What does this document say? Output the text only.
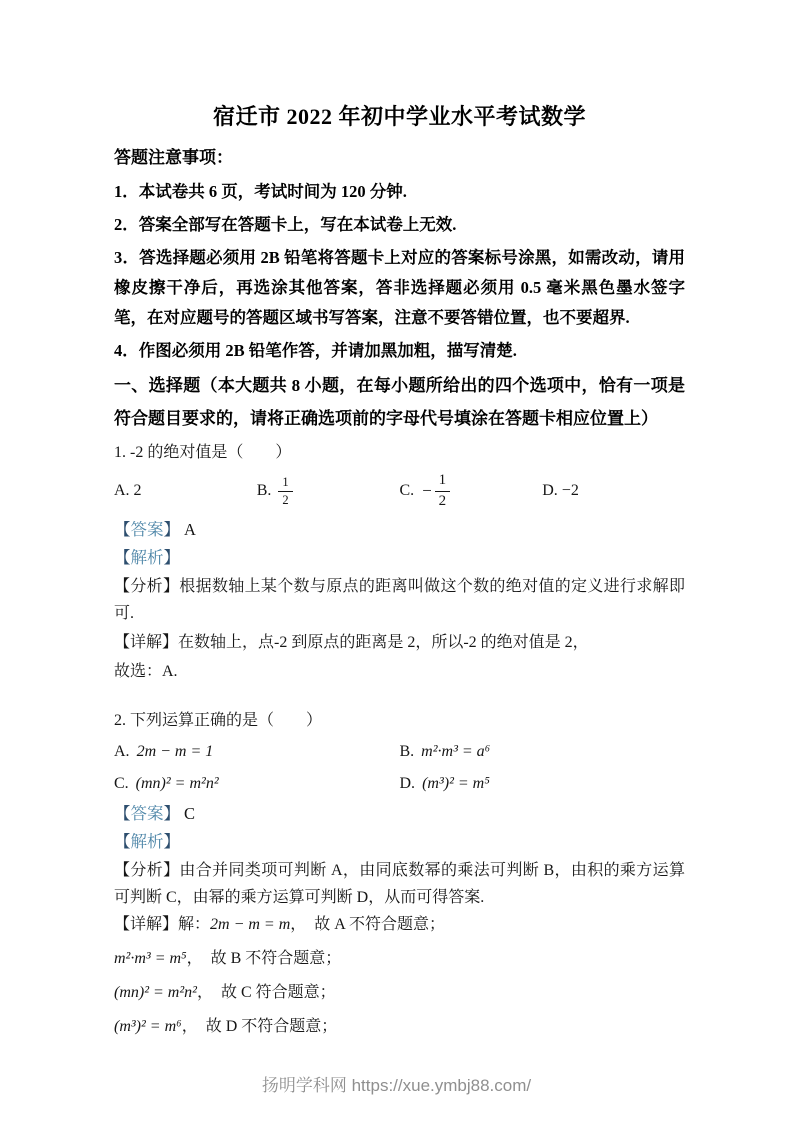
宿迁市 2022 年初中学业水平考试数学

答题注意事项：

1．本试卷共 6 页，考试时间为 120 分钟.

2．答案全部写在答题卡上，写在本试卷上无效.

3．答选择题必须用 2B 铅笔将答题卡上对应的答案标号涂黑，如需改动，请用橡皮擦干净后，再选涂其他答案，答非选择题必须用 0.5 毫米黑色墨水签字笔，在对应题号的答题区域书写答案，注意不要答错位置，也不要超界.

4．作图必须用 2B 铅笔作答，并请加黑加粗，描写清楚.

一、选择题（本大题共 8 小题，在每小题所给出的四个选项中，恰有一项是符合题目要求的，请将正确选项前的字母代号填涂在答题卡相应位置上）

1. -2 的绝对值是（　　）

A. 2	B. $\frac{1}{2}$	C. − $\frac{1}{2}$	D. −2

【答案】 A

【解析】

【分析】根据数轴上某个数与原点的距离叫做这个数的绝对值的定义进行求解即可.

【详解】在数轴上，点-2 到原点的距离是 2，所以-2 的绝对值是 2，

故选：A.

2. 下列运算正确的是（　　）

A. 2m − m = 1	B. m²·m³ = a⁶
C. (mn)² = m²n²	D. (m³)² = m⁵

【答案】 C

【解析】

【分析】由合并同类项可判断 A，由同底数幂的乘法可判断 B，由积的乘方运算可判断 C，由幂的乘方运算可判断 D，从而可得答案.

【详解】解：2m − m = m，　故 A 不符合题意；

m²·m³ = m⁵，　故 B 不符合题意；

(mn)² = m²n²，　故 C 符合题意；

(m³)² = m⁶，　故 D 不符合题意；

扬明学科网 https://xue.ymbj88.com/
